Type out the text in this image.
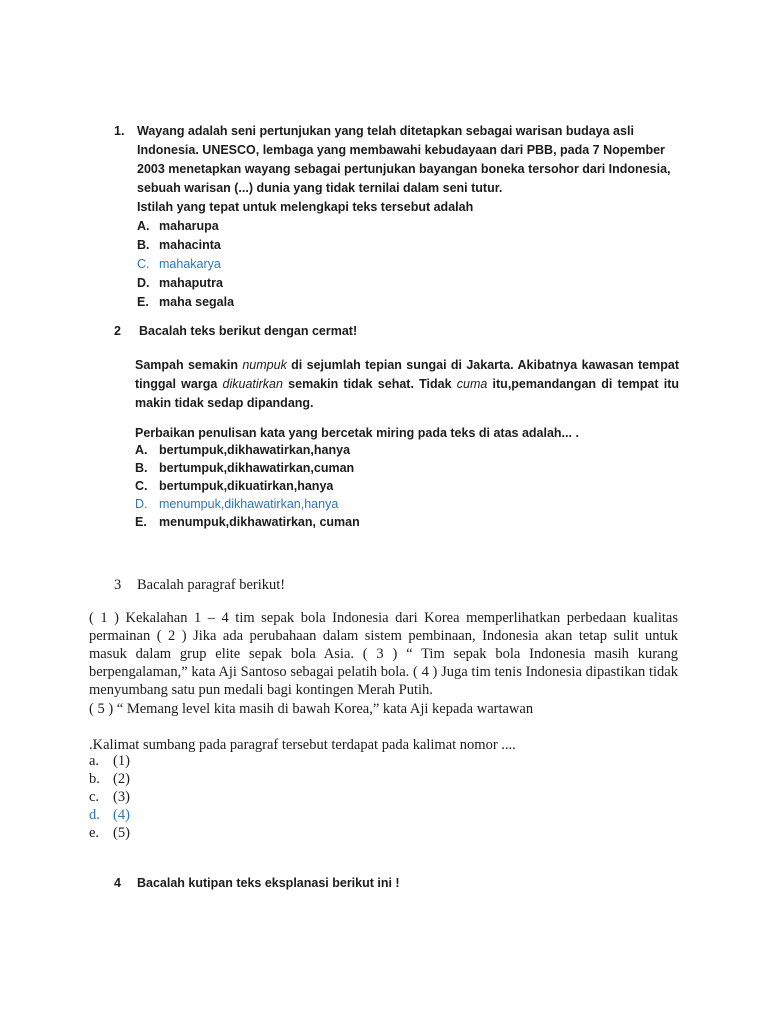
1. Wayang adalah seni pertunjukan yang telah ditetapkan sebagai warisan budaya asli Indonesia. UNESCO, lembaga yang membawahi kebudayaan dari PBB, pada 7 Nopember 2003 menetapkan wayang sebagai pertunjukan bayangan boneka tersohor dari Indonesia, sebuah warisan (...) dunia yang tidak ternilai dalam seni tutur.
Istilah yang tepat untuk melengkapi teks tersebut adalah
A. maharupa
B. mahacinta
C. mahakarya
D. mahaputra
E. maha segala
2 Bacalah teks berikut dengan cermat!
Sampah semakin numpuk di sejumlah tepian sungai di Jakarta. Akibatnya kawasan tempat tinggal warga dikuatirkan semakin tidak sehat. Tidak cuma itu,pemandangan di tempat itu makin tidak sedap dipandang.
Perbaikan penulisan kata yang bercetak miring pada teks di atas adalah... .
A. bertumpuk,dikhawatirkan,hanya
B. bertumpuk,dikhawatirkan,cuman
C. bertumpuk,dikuatirkan,hanya
D. menumpuk,dikhawatirkan,hanya
E. menumpuk,dikhawatirkan, cuman
3 Bacalah paragraf berikut!
( 1 ) Kekalahan 1 – 4 tim sepak bola Indonesia dari Korea memperlihatkan perbedaan kualitas permainan ( 2 ) Jika ada perubahaan dalam sistem pembinaan, Indonesia akan tetap sulit untuk masuk dalam grup elite sepak bola Asia. ( 3 ) “ Tim sepak bola Indonesia masih kurang berpengalaman,” kata Aji Santoso sebagai pelatih bola. ( 4 ) Juga tim tenis Indonesia dipastikan tidak menyumbang satu pun medali bagi kontingen Merah Putih.
( 5 ) “ Memang level kita masih di bawah Korea,” kata Aji kepada wartawan
.Kalimat sumbang pada paragraf tersebut terdapat pada kalimat nomor ....
a. (1)
b. (2)
c. (3)
d. (4)
e. (5)
4 Bacalah kutipan teks eksplanasi berikut ini !
